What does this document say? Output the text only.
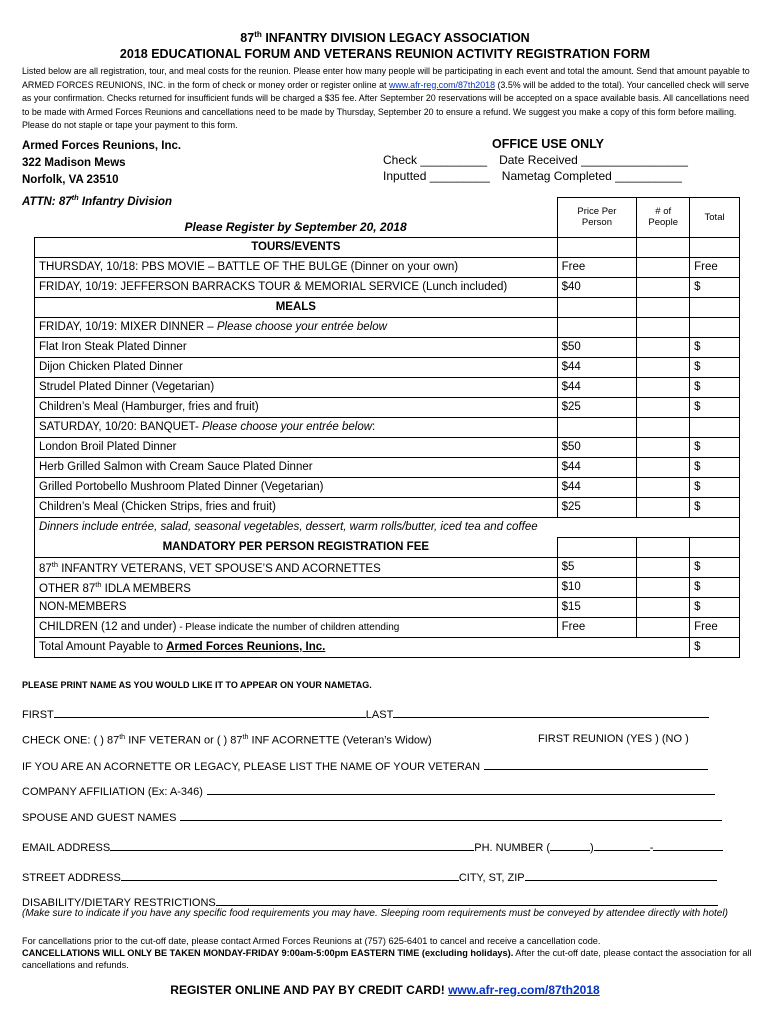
87th INFANTRY DIVISION LEGACY ASSOCIATION
2018 EDUCATIONAL FORUM AND VETERANS REUNION ACTIVITY REGISTRATION FORM
Listed below are all registration, tour, and meal costs for the reunion. Please enter how many people will be participating in each event and total the amount. Send that amount payable to ARMED FORCES REUNIONS, INC. in the form of check or money order or register online at www.afr-reg.com/87th2018 (3.5% will be added to the total). Your cancelled check will serve as your confirmation. Checks returned for insufficient funds will be charged a $35 fee. After September 20 reservations will be accepted on a space available basis. All cancellations need to be made with Armed Forces Reunions and cancellations need to be made by Thursday, September 20 to ensure a refund. We suggest you make a copy of this form before mailing. Please do not staple or tape your payment to this form.
Armed Forces Reunions, Inc.
322 Madison Mews
Norfolk, VA 23510
ATTN: 87th Infantry Division
OFFICE USE ONLY
Check __________ Date Received ________________
Inputted _________ Nametag Completed __________
Please Register by September 20, 2018	Price Per Person	# of People	Total
TOURS/EVENTS			
THURSDAY, 10/18: PBS MOVIE – BATTLE OF THE BULGE (Dinner on your own)	Free		Free
FRIDAY, 10/19: JEFFERSON BARRACKS TOUR & MEMORIAL SERVICE (Lunch included)	$40		$
MEALS			
FRIDAY, 10/19: MIXER DINNER – Please choose your entrée below			
Flat Iron Steak Plated Dinner	$50		$
Dijon Chicken Plated Dinner	$44		$
Strudel Plated Dinner (Vegetarian)	$44		$
Children’s Meal (Hamburger, fries and fruit)	$25		$
SATURDAY, 10/20: BANQUET- Please choose your entrée below:			
London Broil Plated Dinner	$50		$
Herb Grilled Salmon with Cream Sauce Plated Dinner	$44		$
Grilled Portobello Mushroom Plated Dinner (Vegetarian)	$44		$
Children’s Meal (Chicken Strips, fries and fruit)	$25		$
Dinners include entrée, salad, seasonal vegetables, dessert, warm rolls/butter, iced tea and coffee			
MANDATORY PER PERSON REGISTRATION FEE			
87th INFANTRY VETERANS, VET SPOUSE’S AND ACORNETTES	$5		$
OTHER 87th IDLA MEMBERS	$10		$
NON-MEMBERS	$15		$
CHILDREN (12 and under) - Please indicate the number of children attending	Free		Free
Total Amount Payable to Armed Forces Reunions, Inc.			$
PLEASE PRINT NAME AS YOU WOULD LIKE IT TO APPEAR ON YOUR NAMETAG.
FIRST	LAST
CHECK ONE: ( ) 87th INF VETERAN or ( ) 87th INF ACORNETTE (Veteran’s Widow)	FIRST REUNION (YES ) (NO )
IF YOU ARE AN ACORNETTE OR LEGACY, PLEASE LIST THE NAME OF YOUR VETERAN
COMPANY AFFILIATION (Ex: A-346)
SPOUSE AND GUEST NAMES
EMAIL ADDRESS	PH. NUMBER (	)	-
STREET ADDRESS	CITY, ST, ZIP
DISABILITY/DIETARY RESTRICTIONS
(Make sure to indicate if you have any specific food requirements you may have. Sleeping room requirements must be conveyed by attendee directly with hotel)
For cancellations prior to the cut-off date, please contact Armed Forces Reunions at (757) 625-6401 to cancel and receive a cancellation code.
CANCELLATIONS WILL ONLY BE TAKEN MONDAY-FRIDAY 9:00am-5:00pm EASTERN TIME (excluding holidays). After the cut-off date, please contact the association for all cancellations and refunds.
REGISTER ONLINE AND PAY BY CREDIT CARD! www.afr-reg.com/87th2018
